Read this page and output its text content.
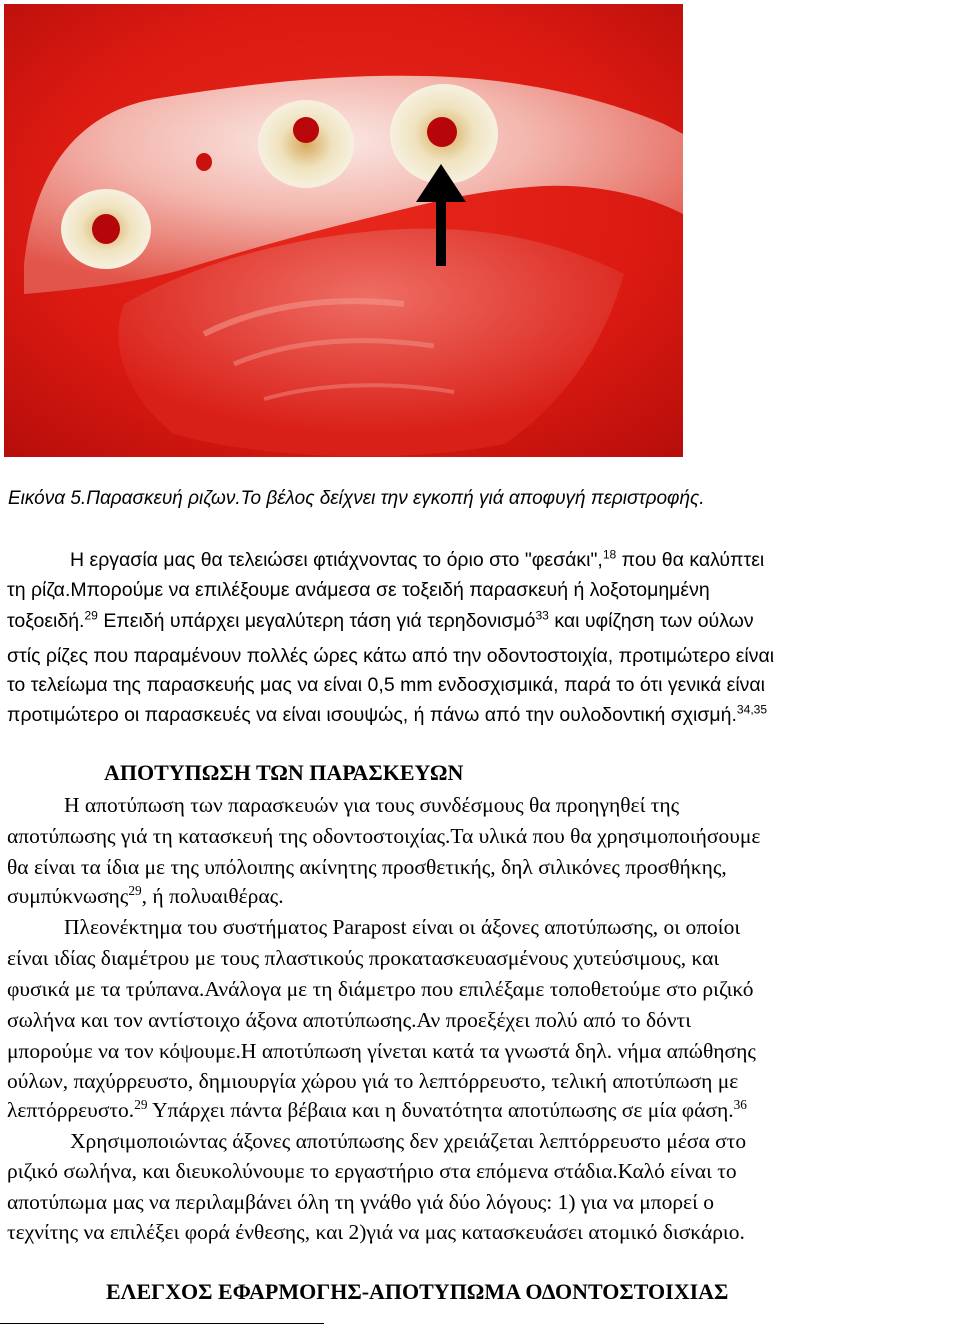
Εικόνα 5.Παρασκευή ριζων.Το βέλος δείχνει την εγκοπή γιά αποφυγή περιστροφής.
Η εργασία μας θα τελειώσει φτιάχνοντας το όριο στο "φεσάκι",$^{18}$ που θα καλύπτει
τη ρίζα.Μπορούμε να επιλέξουμε ανάμεσα σε τοξειδή παρασκευή ή λοξοτομημένη
τοξοειδή.$^{29}$ Επειδή υπάρχει μεγαλύτερη τάση γιά τερηδονισμό$^{33}$ και υφίζηση των ούλων
στίς ρίζες που παραμένουν πολλές ώρες κάτω από την οδοντοστοιχία, προτιμώτερο είναι
το τελείωμα της παρασκευής μας να είναι 0,5 mm ενδοσχισμικά, παρά το ότι γενικά είναι
προτιμώτερο οι παρασκευές να είναι ισουψώς, ή πάνω από την ουλοδοντική σχισμή.$^{34,35}$
ΑΠΟΤΥΠΩΣΗ ΤΩΝ ΠΑΡΑΣΚΕΥΩΝ
Η αποτύπωση των παρασκευών για τους συνδέσμους θα προηγηθεί της
αποτύπωσης γιά τη κατασκευή της οδοντοστοιχίας.Τα υλικά που θα χρησιμοποιήσουμε
θα είναι τα ίδια με της υπόλοιπης ακίνητης προσθετικής, δηλ σιλικόνες προσθήκης,
συμπύκνωσης$^{29}$, ή πολυαιθέρας.
Πλεονέκτημα του συστήματος Parapost είναι οι άξονες αποτύπωσης, οι οποίοι
είναι ιδίας διαμέτρου με τους πλαστικούς προκατασκευασμένους χυτεύσιμους, και
φυσικά με τα τρύπανα.Ανάλογα με τη διάμετρο που επιλέξαμε τοποθετούμε στο ριζικό
σωλήνα και τον αντίστοιχο άξονα αποτύπωσης.Αν προεξέχει πολύ από το δόντι
μπορούμε να τον κόψουμε.Η αποτύπωση γίνεται κατά τα γνωστά δηλ. νήμα απώθησης
ούλων, παχύρρευστο, δημιουργία χώρου γιά το λεπτόρρευστο, τελική αποτύπωση με
λεπτόρρευστο.$^{29}$ Υπάρχει πάντα βέβαια και η δυνατότητα αποτύπωσης σε μία φάση.$^{36}$
Χρησιμοποιώντας άξονες αποτύπωσης δεν χρειάζεται λεπτόρρευστο μέσα στο
ριζικό σωλήνα, και διευκολύνουμε το εργαστήριο στα επόμενα στάδια.Καλό είναι το
αποτύπωμα μας να περιλαμβάνει όλη τη γνάθο γιά δύο λόγους: 1) για να μπορεί ο
τεχνίτης να επιλέξει φορά ένθεσης, και 2)γιά να μας κατασκευάσει ατομικό δισκάριο.
ΕΛΕΓΧΟΣ ΕΦΑΡΜΟΓΗΣ-ΑΠΟΤΥΠΩΜΑ ΟΔΟΝΤΟΣΤΟΙΧΙΑΣ
